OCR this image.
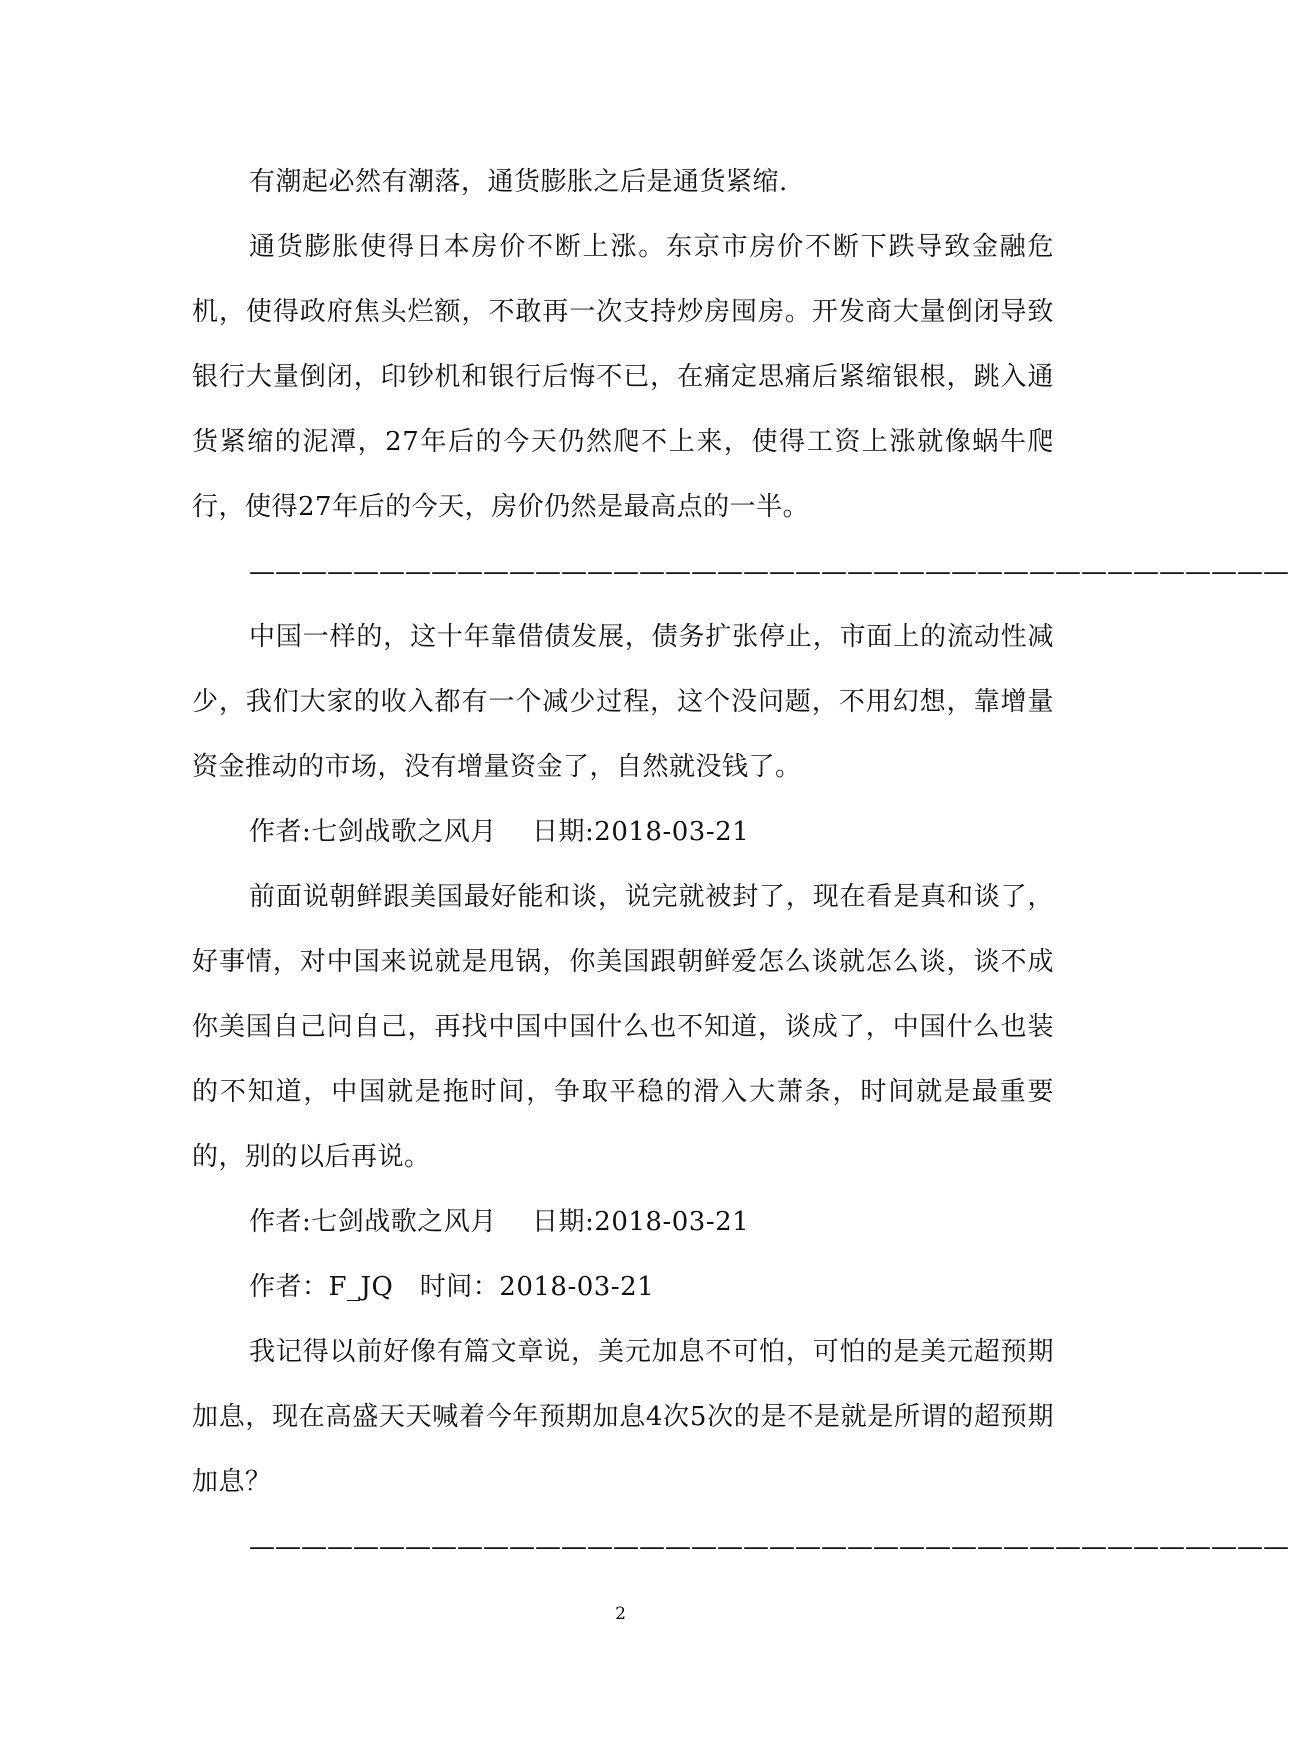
有潮起必然有潮落，通货膨胀之后是通货紧缩.

通货膨胀使得日本房价不断上涨。东京市房价不断下跌导致金融危机，使得政府焦头烂额，不敢再一次支持炒房囤房。开发商大量倒闭导致银行大量倒闭，印钞机和银行后悔不已，在痛定思痛后紧缩银根，跳入通货紧缩的泥潭，27年后的今天仍然爬不上来，使得工资上涨就像蜗牛爬行，使得27年后的今天，房价仍然是最高点的一半。

————————————————————————————————————————

中国一样的，这十年靠借债发展，债务扩张停止，市面上的流动性减少，我们大家的收入都有一个减少过程，这个没问题，不用幻想，靠增量资金推动的市场，没有增量资金了，自然就没钱了。

作者:七剑战歌之风月　 日期:2018-03-21

前面说朝鲜跟美国最好能和谈，说完就被封了，现在看是真和谈了，好事情，对中国来说就是甩锅，你美国跟朝鲜爱怎么谈就怎么谈，谈不成你美国自己问自己，再找中国中国什么也不知道，谈成了，中国什么也装的不知道，中国就是拖时间，争取平稳的滑入大萧条，时间就是最重要的，别的以后再说。

作者:七剑战歌之风月　 日期:2018-03-21

作者：F_JQ　时间：2018-03-21

我记得以前好像有篇文章说，美元加息不可怕，可怕的是美元超预期加息，现在高盛天天喊着今年预期加息4次5次的是不是就是所谓的超预期加息？

————————————————————————————————————————

2
